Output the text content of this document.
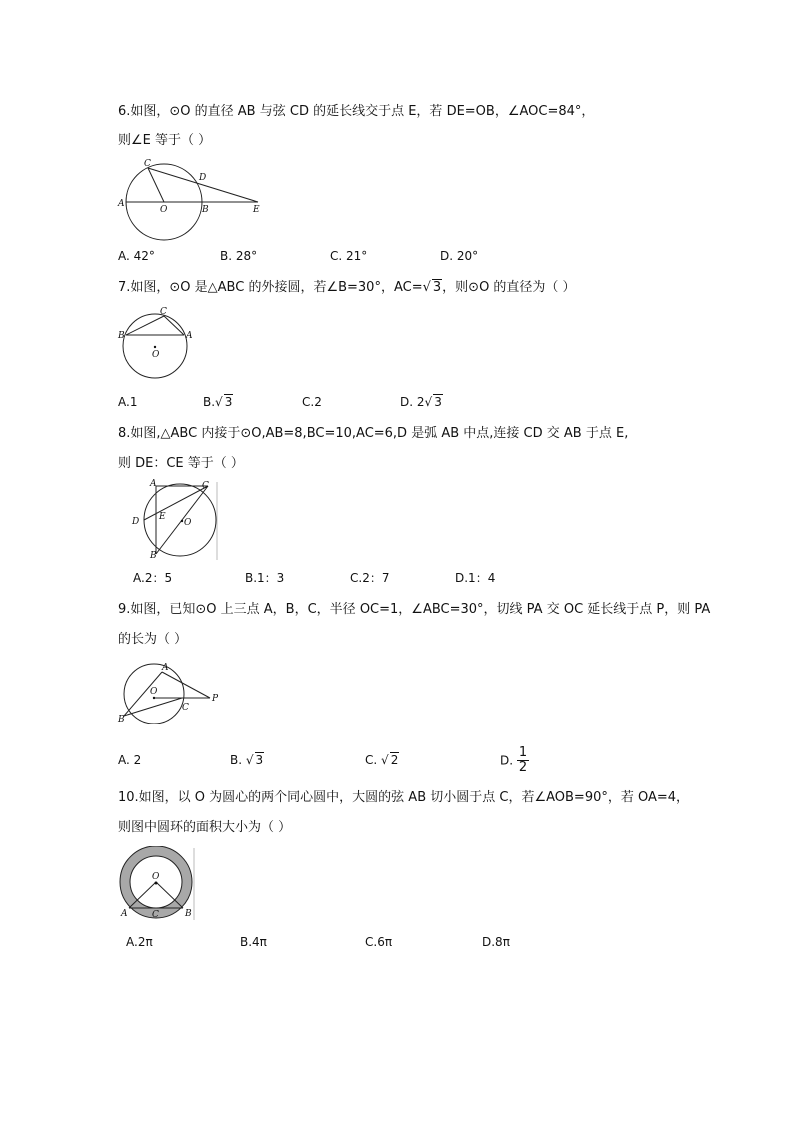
6.如图，⊙O 的直径 AB 与弦 CD 的延长线交于点 E，若 DE=OB，∠AOC=84°，
则∠E 等于（ ）
C
D
A
O	B	E
A. 42°	B. 28°	C. 21°	D. 20°
7.如图，⊙O 是△ABC 的外接圆，若∠B=30°，AC=√ 3，则⊙O 的直径为（ ）
C
B	A
O
A.1	B.√ 3	C.2	D. 2√ 3
8.如图,△ABC 内接于⊙O,AB=8,BC=10,AC=6,D 是弧 AB 中点,连接 CD 交 AB 于点 E,
则 DE：CE 等于（ ）
A	C
D E
O
B
A.2：5	B.1：3	C.2：7	D.1：4
9.如图，已知⊙O 上三点 A，B，C，半径 OC=1，∠ABC=30°，切线 PA 交 OC 延长线于点 P，则 PA
的长为（ ）
A
O
P
C
B
A. 2	B. √ 3	C. √ 2	D. $\frac{1}{2}$
10.如图，以 O 为圆心的两个同心圆中，大圆的弦 AB 切小圆于点 C，若∠AOB=90°，若 OA=4，
则图中圆环的面积大小为（ ）
O
A	C	B
A.2π	B.4π	C.6π	D.8π
